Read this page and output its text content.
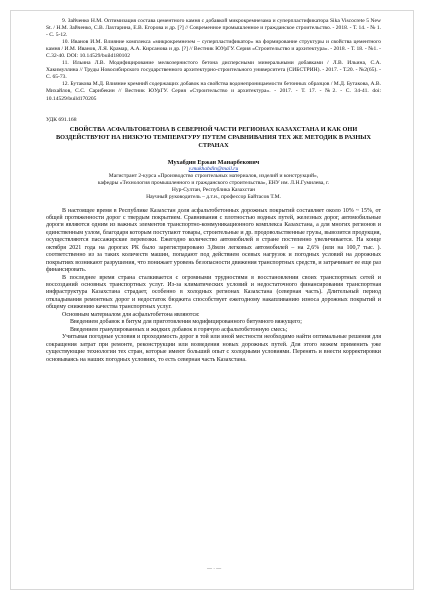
9. Зайченко Н.М. Оптимизация состава цементного камня с добавкой микрокремнезама и суперпластификатора Sika Viscocrete 5 New St. / Н.М. Зайченко, С.В. Лахтарина, Е.В. Егорова и др. [?] // Современное промышленное и гражданское строительство. - 2018. - Т. 14. - № 1. - С. 5-12.

10. Иванов И.М. Влияние комплекса «микрокремнезем – суперпластификатор» на формирование структуры и свойства цементного камня / И.М. Иванов, Л.Я. Крамар, А.А. Кирсанова и др. [?] // Вестник ЮУрГУ. Серия «Строительство и архитектура». - 2018. - Т. 18. - №1. - С.32-40. DOI: 10.14529/build180102

11. Ильина Л.В. Модифицирование мелкозернистого бетона дисперсными минеральными добавками / Л.В. Ильина, С.А. Хакимуллина // Труды Новосибирского государственного архитектурно-строительного университета (СИБСТРИН). - 2017. - Т.20. - №2(65). - С. 65-73.

12. Бутакова М.Д. Влияние кремний содержащих добавок на свойства водонепроницаемости бетонных образцов / М.Д. Бутакова, А.В. Михайлов, С.С. Сарибекин // Вестник ЮУрГУ. Серия «Строительство и архитектура». - 2017. - Т. 17. - №2. - С. 34-41. doi: 10.14529/build170205

УДК 691.168

СВОЙСТВА АСФАЛЬТОБЕТОНА В СЕВЕРНОЙ ЧАСТИ РЕГИОНАХ КАЗАХСТАНА И КАК ОНИ ВОЗДЕЙСТВУЮТ НА НИЗКУЮ ТЕМПЕРАТУРУ ПУТЕМ СРАВНИВАНИЯ ТЕХ ЖЕ МЕТОДИК В РАЗНЫХ СТРАНАХ

Мухабдин Ержан Манарбекович

y.mukhabdin@mail.ru

Магистрант 2-курса «Производство строительных материалов, изделий и конструкций»,

кафедры «Технология промышленного и гражданского строительства», ЕНУ им. Л.Н.Гумилева, г.

Нур-Султан, Республика Казахстан

Научный руководитель – д.т.н., профессор Байтасов Т.М.

В настоящее время в Республике Казахстан доля асфальтобетонных дорожных покрытий составляет около 10% ~ 15%, от общей протяженности дорог с твердым покрытием. Сравнивания с плотностью водных путей, железных дорог, автомобильные дороги являются одним из важных элементов транспортно-коммуникационного комплекса Казахстана, а для многих регионов и единственным узлом, благодаря которым поступают товары, строительные и др. продовольственные грузы, вывозится продукция, осуществляются пассажирские перевозки. Ежегодно количество автомобилей в стране постепенно увеличивается. На конце октября 2021 года на дорогах РК было зарегистрировано 3,8млн легковых автомобилей – на 2,6% (или на 100,7 тыс. ). соответственно из за таких количеств машин, попадают под действием осевых нагрузок и погодных условий на дорожных покрытиях возникают разрушения, что понижает уровень безопасности движения транспортных средств, и затрачивает ее еще раз финансировать.

В последнее время страна сталкивается с огромными трудностями в восстановлении своих транспортных сетей и воссозданий основных транспортных услуг. Из-за климатических условий и недостаточного финансирования транспортная инфраструктура Казахстана страдает, особенно в холодных регионах Казахстана (северная часть). Длительный период откладывания ремонтных дорог и недостаток бюджета способствует ежегодному накапливанию износа дорожных покрытий и общему снижению качества транспортных услуг.

Основным материалом для асфальтобетона являются:

Введением добавок в битум для приготовления модифицированного битумного вяжущего;

Введением гранулированных и жидких добавок в горячую асфальтобетонную смесь;

Учитывая погодные условия и проходимость дорог в той или иной местности необходимо найти оптимальные решения для сокращения затрат при ремонте, реконструкции или возведения новых дорожных путей. Для этого можем применить уже существующие технологии тех стран, которые имеют больший опыт с холодными условиями. Перенять и внести корректировки основываясь на наших погодных условиях, то есть северная часть Казахстана.

— · —
